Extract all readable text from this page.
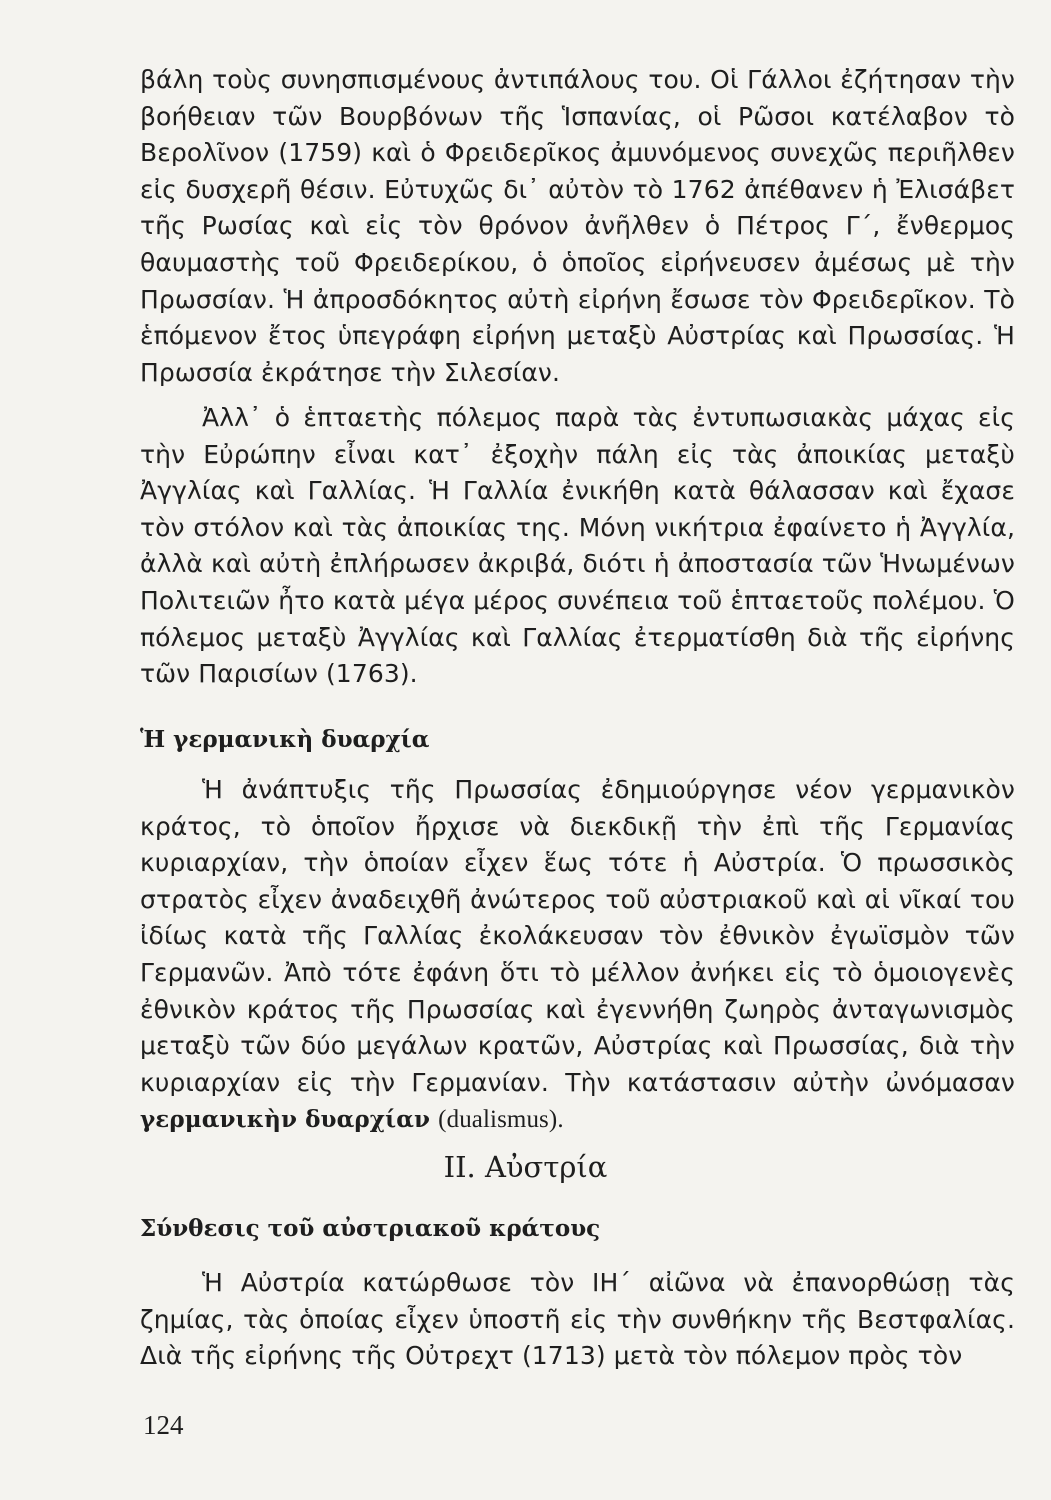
βάλη τοὺς συνησπισμένους ἀντιπάλους του. Οἱ Γάλλοι ἐζήτησαν τὴν βοήθειαν τῶν Βουρβόνων τῆς Ἱσπανίας, οἱ Ρῶσοι κατέλαβον τὸ Βερολῖνον (1759) καὶ ὁ Φρειδερῖκος ἀμυνόμενος συνεχῶς περιῆλθεν εἰς δυσχερῆ θέσιν. Εὐτυχῶς δι᾽ αὐτὸν τὸ 1762 ἀπέθανεν ἡ Ἐλισάβετ τῆς Ρωσίας καὶ εἰς τὸν θρόνον ἀνῆλθεν ὁ Πέτρος Γ΄, ἔνθερμος θαυμαστὴς τοῦ Φρειδερίκου, ὁ ὁποῖος εἰρήνευσεν ἀμέσως μὲ τὴν Πρωσσίαν. Ἡ ἀπροσδόκητος αὐτὴ εἰρήνη ἔσωσε τὸν Φρειδερῖκον. Τὸ ἑπόμενον ἔτος ὑπεγράφη εἰρήνη μεταξὺ Αὐστρίας καὶ Πρωσσίας. Ἡ Πρωσσία ἐκράτησε τὴν Σιλεσίαν.

Ἀλλ᾽ ὁ ἑπταετὴς πόλεμος παρὰ τὰς ἐντυπωσιακὰς μάχας εἰς τὴν Εὐρώπην εἶναι κατ᾽ ἐξοχὴν πάλη εἰς τὰς ἀποικίας μεταξὺ Ἀγγλίας καὶ Γαλλίας. Ἡ Γαλλία ἐνικήθη κατὰ θάλασσαν καὶ ἔχασε τὸν στόλον καὶ τὰς ἀποικίας της. Μόνη νικήτρια ἐφαίνετο ἡ Ἀγγλία, ἀλλὰ καὶ αὐτὴ ἐπλήρωσεν ἀκριβά, διότι ἡ ἀποστασία τῶν Ἡνωμένων Πολιτειῶν ἦτο κατὰ μέγα μέρος συνέπεια τοῦ ἑπταετοῦς πολέμου. Ὁ πόλεμος μεταξὺ Ἀγγλίας καὶ Γαλλίας ἐτερματίσθη διὰ τῆς εἰρήνης τῶν Παρισίων (1763).

Ἡ γερμανικὴ δυαρχία

Ἡ ἀνάπτυξις τῆς Πρωσσίας ἐδημιούργησε νέον γερμανικὸν κράτος, τὸ ὁποῖον ἤρχισε νὰ διεκδικῇ τὴν ἐπὶ τῆς Γερμανίας κυριαρχίαν, τὴν ὁποίαν εἶχεν ἕως τότε ἡ Αὐστρία. Ὁ πρωσσικὸς στρατὸς εἶχεν ἀναδειχθῆ ἀνώτερος τοῦ αὐστριακοῦ καὶ αἱ νῖκαί του ἰδίως κατὰ τῆς Γαλλίας ἐκολάκευσαν τὸν ἐθνικὸν ἐγωϊσμὸν τῶν Γερμανῶν. Ἀπὸ τότε ἐφάνη ὅτι τὸ μέλλον ἀνήκει εἰς τὸ ὁμοιογενὲς ἐθνικὸν κράτος τῆς Πρωσσίας καὶ ἐγεννήθη ζωηρὸς ἀνταγωνισμὸς μεταξὺ τῶν δύο μεγάλων κρατῶν, Αὐστρίας καὶ Πρωσσίας, διὰ τὴν κυριαρχίαν εἰς τὴν Γερμανίαν. Τὴν κατάστασιν αὐτὴν ὠνόμασαν γερμανικὴν δυαρχίαν (dualismus).

II. Αὐστρία
Σύνθεσις τοῦ αὐστριακοῦ κράτους

Ἡ Αὐστρία κατώρθωσε τὸν ΙΗ΄ αἰῶνα νὰ ἐπανορθώσῃ τὰς ζημίας, τὰς ὁποίας εἶχεν ὑποστῆ εἰς τὴν συνθήκην τῆς Βεστφαλίας. Διὰ τῆς εἰρήνης τῆς Οὐτρεχτ (1713) μετὰ τὸν πόλεμον πρὸς τὸν

124
